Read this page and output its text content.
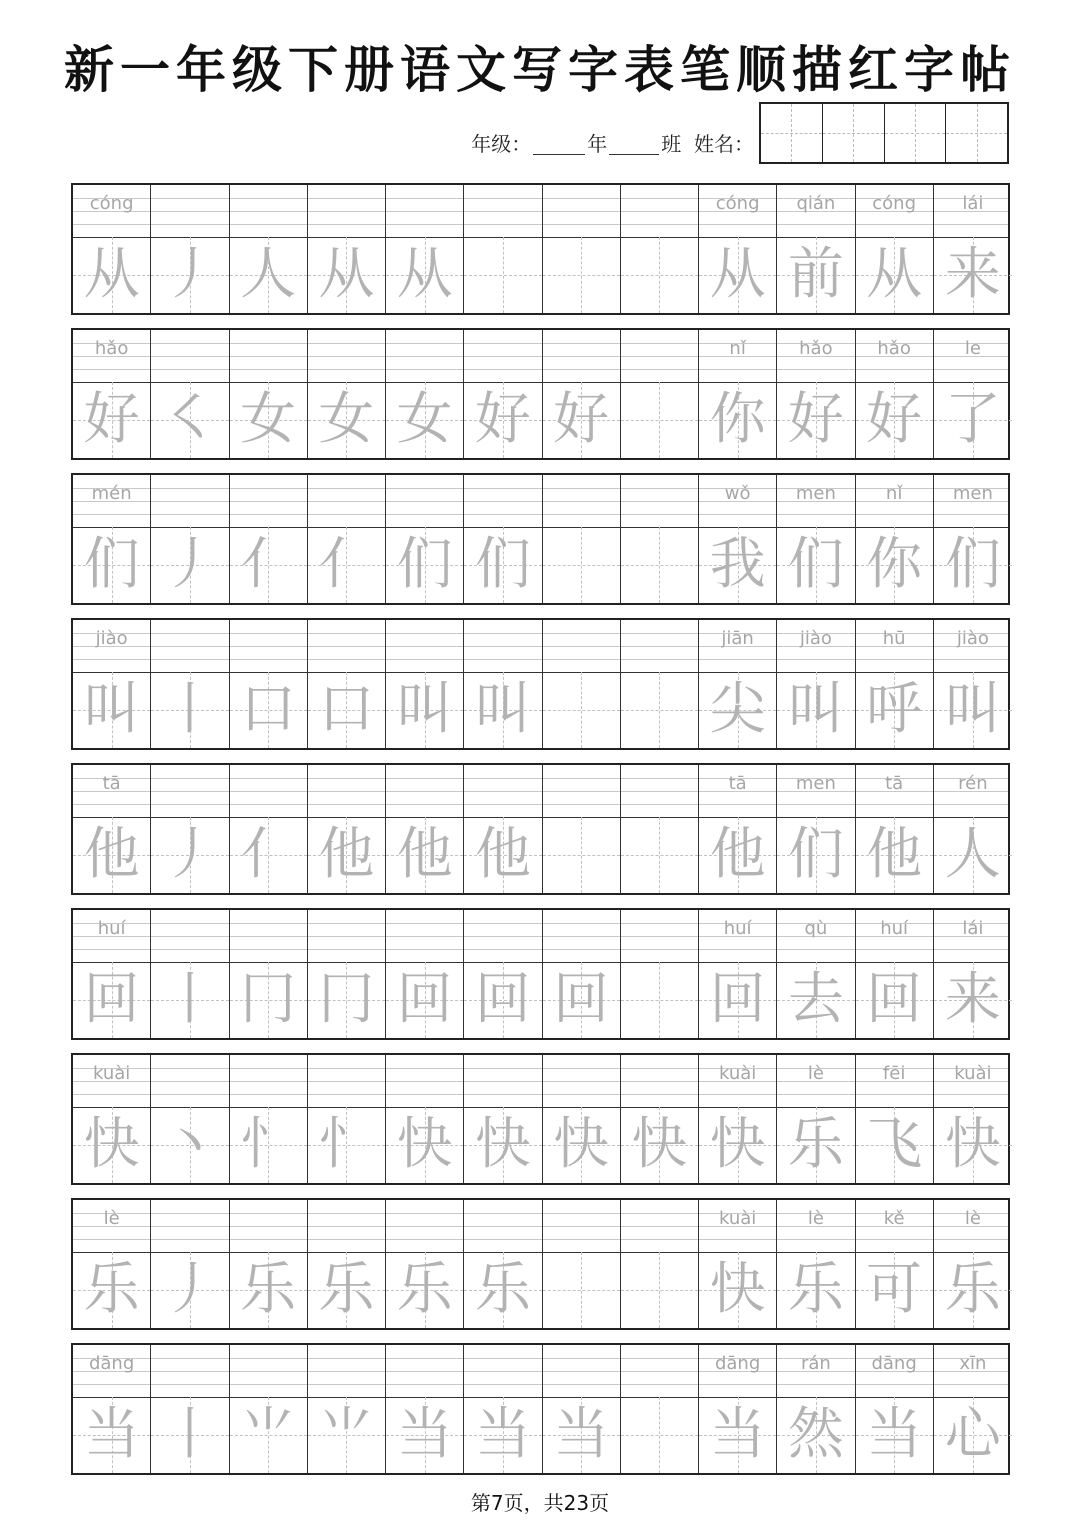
新一年级下册语文写字表笔顺描红字帖
年级：	年	班 姓名：
cóng
从 丿 人 从 从
cóng
从
qián
前
cóng
从
lái
来
hǎo
好 ㇛ 女 女 女 好 好
nǐ
你
hǎo
好
hǎo
好
le
了
mén
们 丿 亻 亻 们 们
wǒ
我
men
们
nǐ
你
men
们
jiào
叫 丨 口 口 叫 叫
jiān
尖
jiào
叫
hū
呼
jiào
叫
tā
他 丿 亻 他 他 他
tā
他
men
们
tā
他
rén
人
huí
回 丨 冂 冂 回 回 回
huí
回
qù
去
huí
回
lái
来
kuài
快 丶 忄 忄 快 快 快 快
kuài
快
lè
乐
fēi
飞
kuài
快
lè
乐 丿 乐 乐 乐 乐
kuài
快
lè
乐
kě
可
lè
乐
dāng
当 丨 ⺌ ⺌ 当 当 当
dāng
当
rán
然
dāng
当
xīn
心
第7页，共23页
